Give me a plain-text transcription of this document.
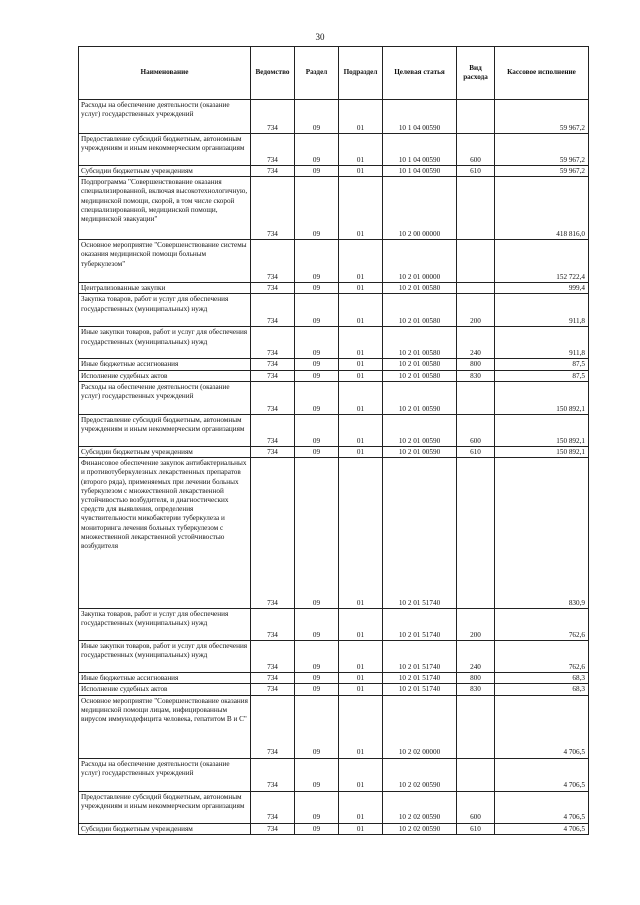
30
Наименование	Ведомство	Раздел	Подраздел	Целевая статья	Вид расхода	Кассовое исполнение
Расходы на обеспечение деятельности (оказание услуг) государственных учреждений	734	09	01	10 1 04 00590		59 967,2
Предоставление субсидий бюджетным, автономным учреждениям и иным некоммерческим организациям	734	09	01	10 1 04 00590	600	59 967,2
Субсидии бюджетным учреждениям	734	09	01	10 1 04 00590	610	59 967,2
Подпрограмма "Совершенствование оказания специализированной, включая высокотехнологичную, медицинской помощи, скорой, в том числе скорой специализированной, медицинской помощи, медицинской эвакуации"	734	09	01	10 2 00 00000		418 816,0
Основное мероприятие "Совершенствование системы оказания медицинской помощи больным туберкулезом"	734	09	01	10 2 01 00000		152 722,4
Централизованные закупки	734	09	01	10 2 01 00580		999,4
Закупка товаров, работ и услуг для обеспечения государственных (муниципальных) нужд	734	09	01	10 2 01 00580	200	911,8
Иные закупки товаров, работ и услуг для обеспечения государственных (муниципальных) нужд	734	09	01	10 2 01 00580	240	911,8
Иные бюджетные ассигнования	734	09	01	10 2 01 00580	800	87,5
Исполнение судебных актов	734	09	01	10 2 01 00580	830	87,5
Расходы на обеспечение деятельности (оказание услуг) государственных учреждений	734	09	01	10 2 01 00590		150 892,1
Предоставление субсидий бюджетным, автономным учреждениям и иным некоммерческим организациям	734	09	01	10 2 01 00590	600	150 892,1
Субсидии бюджетным учреждениям	734	09	01	10 2 01 00590	610	150 892,1
Финансовое обеспечение закупок антибактериальных и противотуберкулезных лекарственных препаратов (второго ряда), применяемых при лечении больных туберкулезом с множественной лекарственной устойчивостью возбудителя, и диагностических средств для выявления, определения чувствительности микобактерии туберкулеза и мониторинга лечения больных туберкулезом с множественной лекарственной устойчивостью возбудителя	734	09	01	10 2 01 51740		830,9
Закупка товаров, работ и услуг для обеспечения государственных (муниципальных) нужд	734	09	01	10 2 01 51740	200	762,6
Иные закупки товаров, работ и услуг для обеспечения государственных (муниципальных) нужд	734	09	01	10 2 01 51740	240	762,6
Иные бюджетные ассигнования	734	09	01	10 2 01 51740	800	68,3
Исполнение судебных актов	734	09	01	10 2 01 51740	830	68,3
Основное мероприятие "Совершенствование оказания медицинской помощи лицам, инфицированным вирусом иммунодефицита человека, гепатитом В и С"	734	09	01	10 2 02 00000		4 706,5
Расходы на обеспечение деятельности (оказание услуг) государственных учреждений	734	09	01	10 2 02 00590		4 706,5
Предоставление субсидий бюджетным, автономным учреждениям и иным некоммерческим организациям	734	09	01	10 2 02 00590	600	4 706,5
Субсидии бюджетным учреждениям	734	09	01	10 2 02 00590	610	4 706,5
